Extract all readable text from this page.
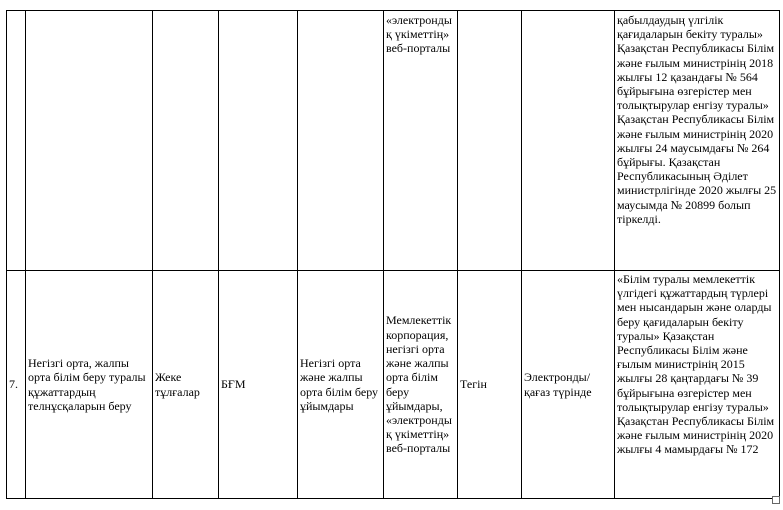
					«электронды қ үкіметтің» веб-порталы			қабылдаудың үлгілік қағидаларын бекіту туралы» Қазақстан Республикасы Білім және ғылым министрінің 2018 жылғы 12 қазандағы № 564 бұйрығына өзгерістер мен толықтырулар енгізу туралы» Қазақстан Республикасы Білім және ғылым министрінің 2020 жылғы 24 маусымдағы № 264 бұйрығы. Қазақстан Республикасының Әділет министрлігінде 2020 жылғы 25 маусымда № 20899 болып тіркелді.
7.	Негізгі орта, жалпы орта білім беру туралы құжаттардың телнұсқаларын беру	Жеке тұлғалар	БҒМ	Негізгі орта және жалпы орта білім беру ұйымдары	Мемлекеттік корпорация, негізгі орта және жалпы орта білім беру ұйымдары, «электронды қ үкіметтің» веб-порталы	Тегін	Электронды/қағаз түрінде	«Білім туралы мемлекеттік үлгідегі құжаттардың түрлері мен нысандарын және оларды беру қағидаларын бекіту туралы» Қазақстан Республикасы Білім және ғылым министрінің 2015 жылғы 28 қаңтардағы № 39 бұйрығына өзгерістер мен толықтырулар енгізу туралы» Қазақстан Республикасы Білім және ғылым министрінің 2020 жылғы 4 мамырдағы № 172
